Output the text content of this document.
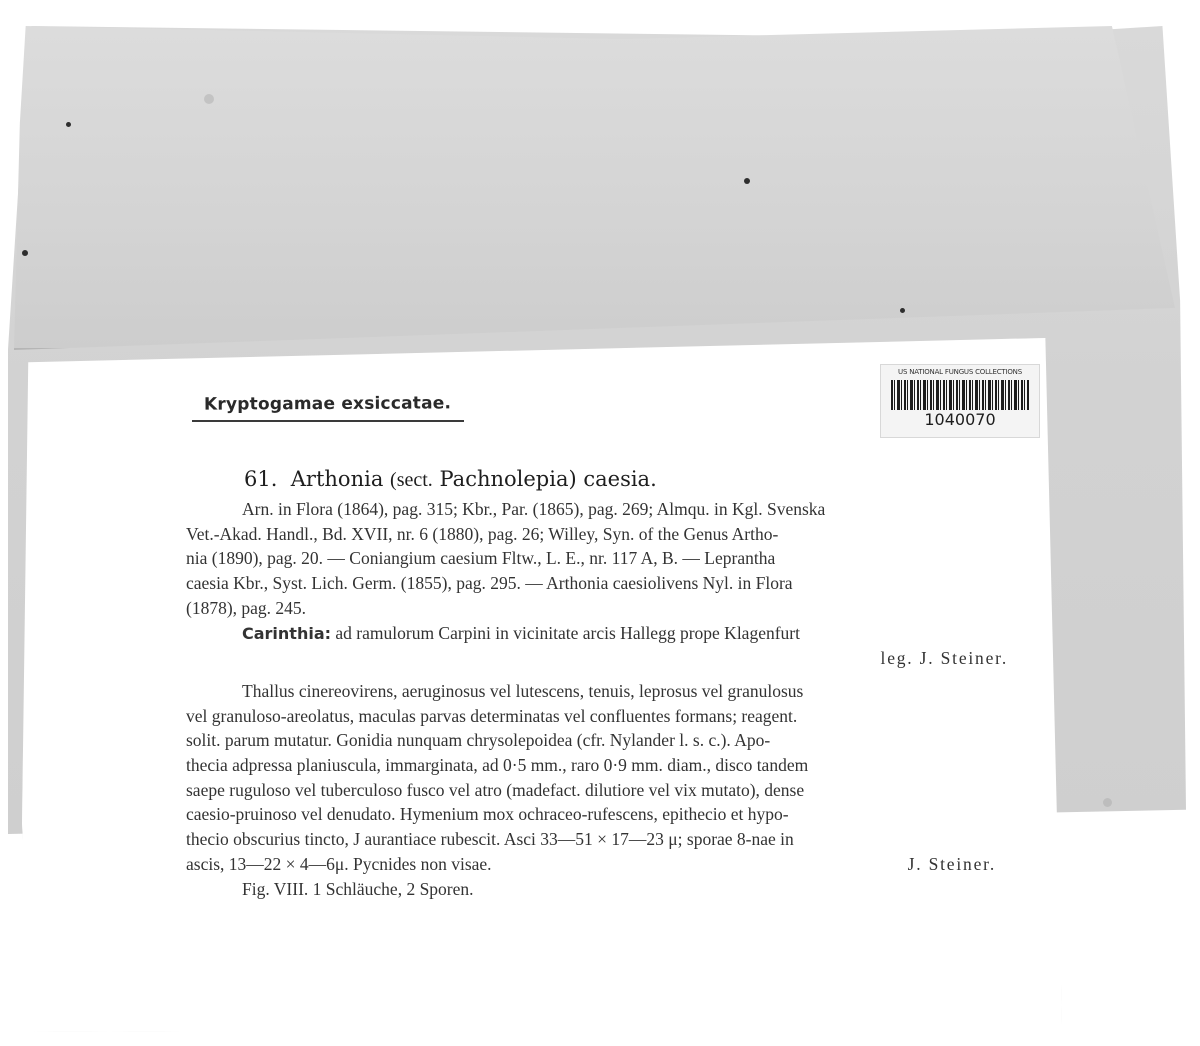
US NATIONAL FUNGUS COLLECTIONS
1040070
Kryptogamae exsiccatae.
61. Arthonia (sect. Pachnolepia) caesia.
Arn. in Flora (1864), pag. 315; Kbr., Par. (1865), pag. 269; Almqu. in Kgl. Svenska
Vet.-Akad. Handl., Bd. XVII, nr. 6 (1880), pag. 26; Willey, Syn. of the Genus Artho-
nia (1890), pag. 20. — Coniangium caesium Fltw., L. E., nr. 117 A, B. — Leprantha
caesia Kbr., Syst. Lich. Germ. (1855), pag. 295. — Arthonia caesiolivens Nyl. in Flora
(1878), pag. 245.
Carinthia: ad ramulorum Carpini in vicinitate arcis Hallegg prope Klagenfurt
leg. J. Steiner.
Thallus cinereovirens, aeruginosus vel lutescens, tenuis, leprosus vel granulosus
vel granuloso-areolatus, maculas parvas determinatas vel confluentes formans; reagent.
solit. parum mutatur. Gonidia nunquam chrysolepoidea (cfr. Nylander l. s. c.). Apo-
thecia adpressa planiuscula, immarginata, ad 0·5 mm., raro 0·9 mm. diam., disco tandem
saepe ruguloso vel tuberculoso fusco vel atro (madefact. dilutiore vel vix mutato), dense
caesio-pruinoso vel denudato. Hymenium mox ochraceo-rufescens, epithecio et hypo-
thecio obscurius tincto, J aurantiace rubescit. Asci 33—51 × 17—23 μ; sporae 8-nae in
ascis, 13—22 × 4—6μ. Pycnides non visae.	J. Steiner.
Fig. VIII. 1 Schläuche, 2 Sporen.
